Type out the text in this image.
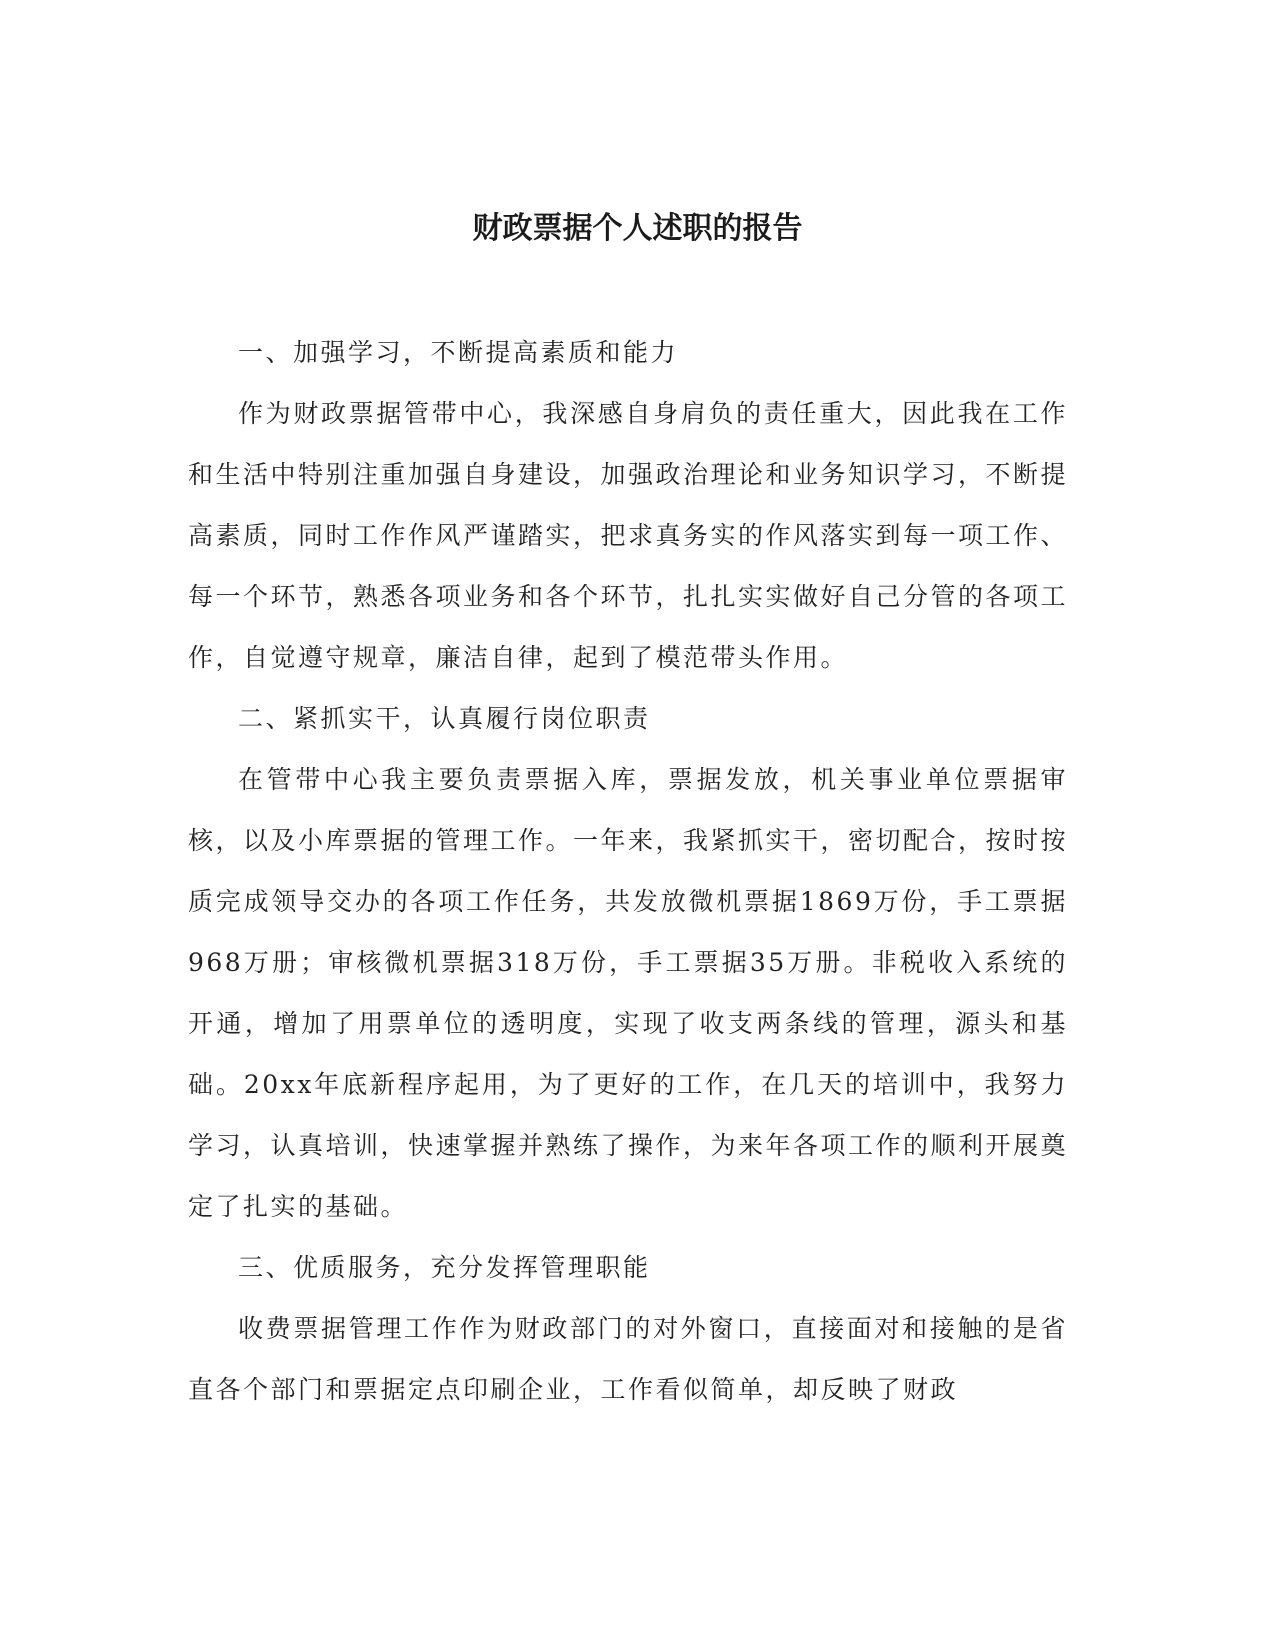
财政票据个人述职的报告

一、加强学习，不断提高素质和能力

作为财政票据管带中心，我深感自身肩负的责任重大，因此我在工作和生活中特别注重加强自身建设，加强政治理论和业务知识学习，不断提高素质，同时工作作风严谨踏实，把求真务实的作风落实到每一项工作、每一个环节，熟悉各项业务和各个环节，扎扎实实做好自己分管的各项工作，自觉遵守规章，廉洁自律，起到了模范带头作用。

二、紧抓实干，认真履行岗位职责

在管带中心我主要负责票据入库，票据发放，机关事业单位票据审核，以及小库票据的管理工作。一年来，我紧抓实干，密切配合，按时按质完成领导交办的各项工作任务，共发放微机票据1869万份，手工票据968万册；审核微机票据318万份，手工票据35万册。非税收入系统的开通，增加了用票单位的透明度，实现了收支两条线的管理，源头和基础。20xx年底新程序起用，为了更好的工作，在几天的培训中，我努力学习，认真培训，快速掌握并熟练了操作，为来年各项工作的顺利开展奠定了扎实的基础。

三、优质服务，充分发挥管理职能

收费票据管理工作作为财政部门的对外窗口，直接面对和接触的是省直各个部门和票据定点印刷企业，工作看似简单，却反映了财政
